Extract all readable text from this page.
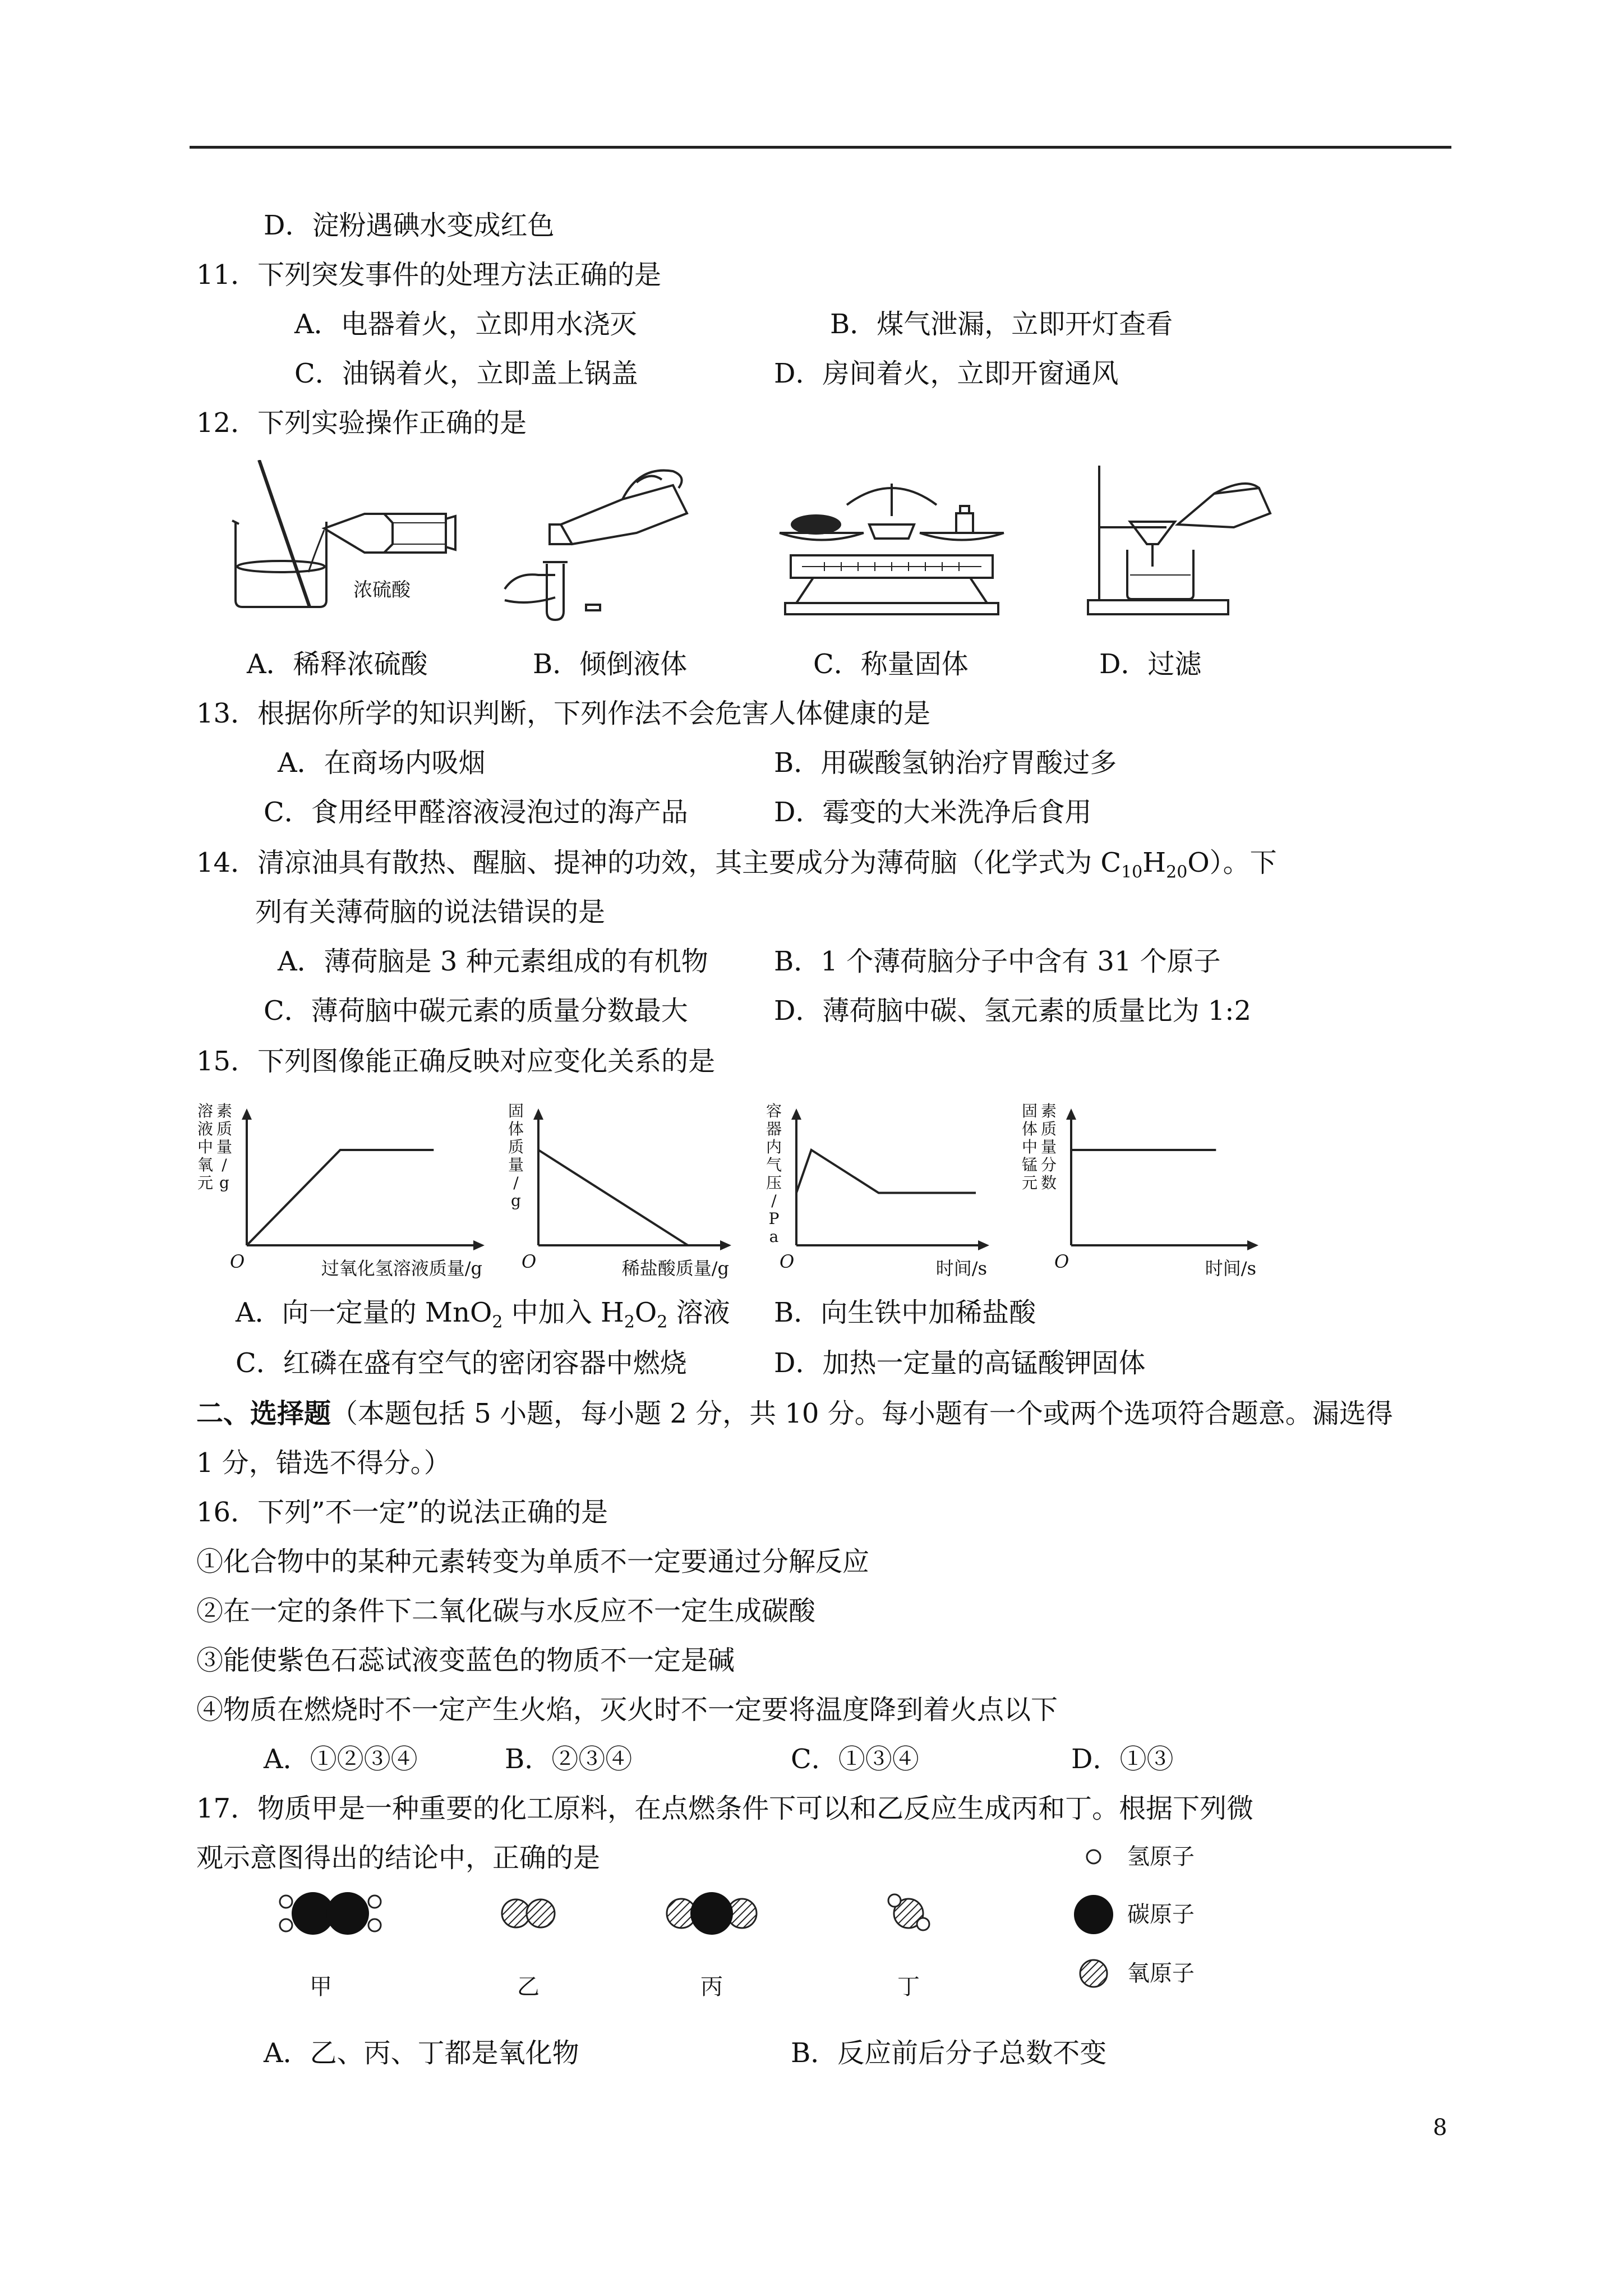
D．淀粉遇碘水变成红色
11．下列突发事件的处理方法正确的是
A．电器着火，立即用水浇灭	B．煤气泄漏，立即开灯查看
C．油锅着火，立即盖上锅盖	D．房间着火，立即开窗通风
12．下列实验操作正确的是
浓硫酸
A．稀释浓硫酸	B．倾倒液体	C．称量固体	D．过滤
13．根据你所学的知识判断，下列作法不会危害人体健康的是
A．在商场内吸烟	B．用碳酸氢钠治疗胃酸过多
C．食用经甲醛溶液浸泡过的海产品	D．霉变的大米洗净后食用
14．清凉油具有散热、醒脑、提神的功效，其主要成分为薄荷脑（化学式为 $C_{10}H_{20}O$）。下
列有关薄荷脑的说法错误的是
A．薄荷脑是 3 种元素组成的有机物 B．1 个薄荷脑分子中含有 31 个原子
C．薄荷脑中碳元素的质量分数最大	D．薄荷脑中碳、氢元素的质量比为 1:2
15．下列图像能正确反映对应变化关系的是
O	过氧化氢溶液质量/g
溶
液
中
氧
元
素
质
量
/
g
O	稀盐酸质量/g
固
体
质
量
/
g
O	时间/s
容
器
内
气
压
/
P
a
O	时间/s
固
体
中
锰
元
素
质
量
分
数
A．向一定量的 MnO$_2$ 中加入 $H_2O_2$ 溶液 B．向生铁中加稀盐酸
C．红磷在盛有空气的密闭容器中燃烧	D．加热一定量的高锰酸钾固体
二、选择题（本题包括 5 小题，每小题 2 分，共 10 分。每小题有一个或两个选项符合题意。漏选得
1 分，错选不得分。）
16．下列”不一定”的说法正确的是
①化合物中的某种元素转变为单质不一定要通过分解反应
②在一定的条件下二氧化碳与水反应不一定生成碳酸
③能使紫色石蕊试液变蓝色的物质不一定是碱
④物质在燃烧时不一定产生火焰，灭火时不一定要将温度降到着火点以下
A．①②③④	B．②③④	C．①③④	D．①③
17．物质甲是一种重要的化工原料，在点燃条件下可以和乙反应生成丙和丁。根据下列微
观示意图得出的结论中，正确的是
甲	乙	丙	丁
氢原子
碳原子
氧原子
A．乙、丙、丁都是氧化物	B．反应前后分子总数不变
8
